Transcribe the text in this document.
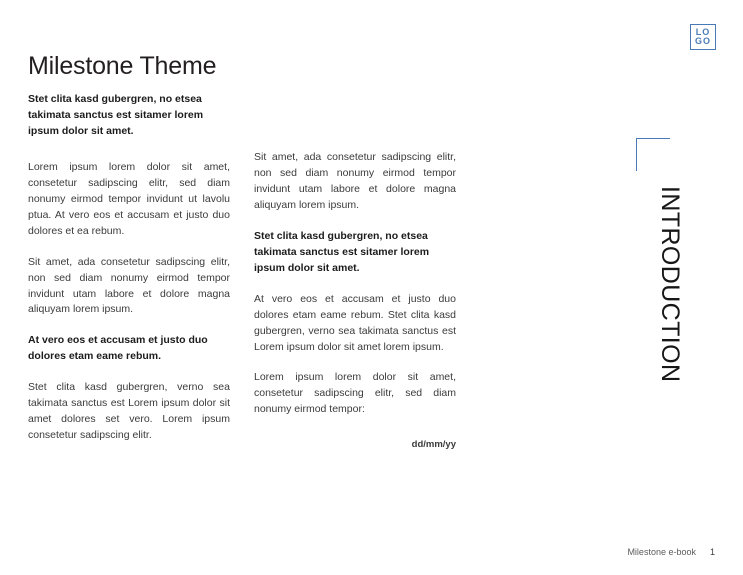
LO
GO
Milestone Theme

Stet clita kasd gubergren, no etsea takimata sanctus est sitamer lorem ipsum dolor sit amet.

Lorem ipsum lorem dolor sit amet, consetetur sadipscing elitr, sed diam nonumy eirmod tempor invidunt ut lavolu ptua. At vero eos et accusam et justo duo dolores et ea rebum.

Sit amet, ada consetetur sadipscing elitr, non sed diam nonumy eirmod tempor invidunt utam labore et dolore magna aliquyam lorem ipsum.

At vero eos et accusam et justo duo dolores etam eame rebum.

Stet clita kasd gubergren, verno sea takimata sanctus est Lorem ipsum dolor sit amet dolores set vero. Lorem ipsum consetetur sadipscing elitr.

Sit amet, ada consetetur sadipscing elitr, non sed diam nonumy eirmod tempor invidunt utam labore et dolore magna aliquyam lorem ipsum.

Stet clita kasd gubergren, no etsea takimata sanctus est sitamer lorem ipsum dolor sit amet.

At vero eos et accusam et justo duo dolores etam eame rebum. Stet clita kasd gubergren, verno sea takimata sanctus est Lorem ipsum dolor sit amet lorem ipsum.

Lorem ipsum lorem dolor sit amet, consetetur sadipscing elitr, sed diam nonumy eirmod tempor:

dd/mm/yy
INTRODUCTION
Milestone e-book 1
